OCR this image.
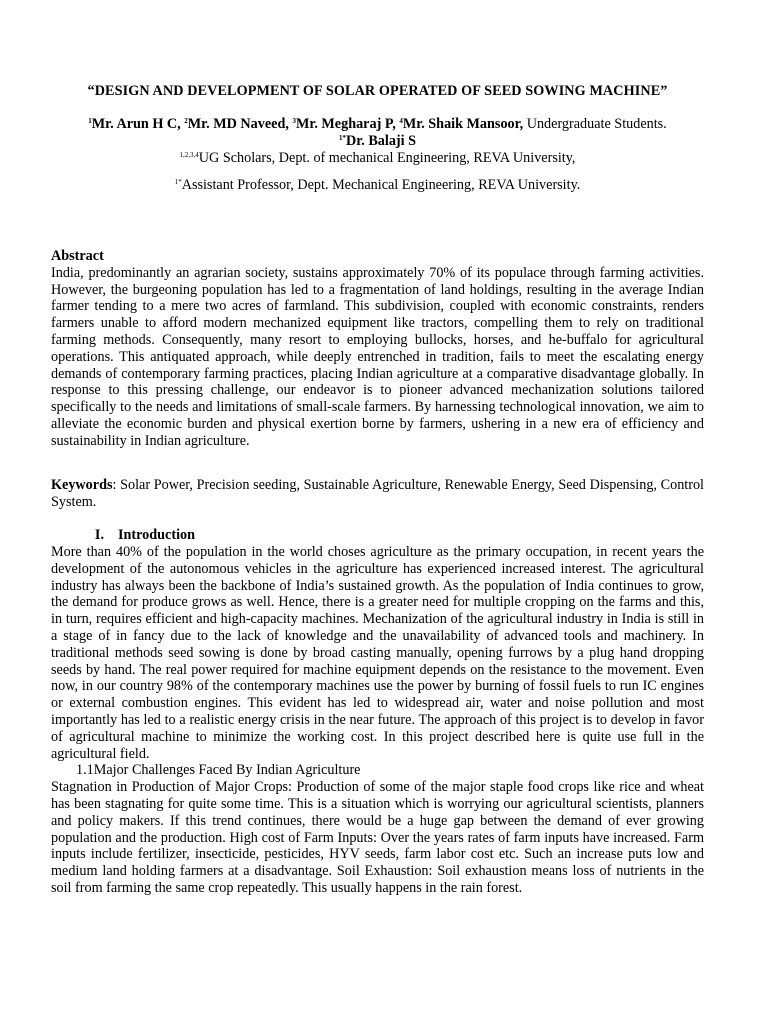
“DESIGN AND DEVELOPMENT OF SOLAR OPERATED OF SEED SOWING MACHINE”
$^1$Mr. Arun H C, $^2$Mr. MD Naveed, $^3$Mr. Megharaj P, $^4$Mr. Shaik Mansoor, Undergraduate Students.
$^{1*}$Dr. Balaji S
$^{1,2,3,4}$UG Scholars, Dept. of mechanical Engineering, REVA University,
$^{1*}$Assistant Professor, Dept. Mechanical Engineering, REVA University.

Abstract

India, predominantly an agrarian society, sustains approximately 70% of its populace through farming activities. However, the burgeoning population has led to a fragmentation of land holdings, resulting in the average Indian farmer tending to a mere two acres of farmland. This subdivision, coupled with economic constraints, renders farmers unable to afford modern mechanized equipment like tractors, compelling them to rely on traditional farming methods. Consequently, many resort to employing bullocks, horses, and he-buffalo for agricultural operations. This antiquated approach, while deeply entrenched in tradition, fails to meet the escalating energy demands of contemporary farming practices, placing Indian agriculture at a comparative disadvantage globally. In response to this pressing challenge, our endeavor is to pioneer advanced mechanization solutions tailored specifically to the needs and limitations of small-scale farmers. By harnessing technological innovation, we aim to alleviate the economic burden and physical exertion borne by farmers, ushering in a new era of efficiency and sustainability in Indian agriculture.

Keywords: Solar Power, Precision seeding, Sustainable Agriculture, Renewable Energy, Seed Dispensing, Control System.

I. Introduction

More than 40% of the population in the world choses agriculture as the primary occupation, in recent years the development of the autonomous vehicles in the agriculture has experienced increased interest. The agricultural industry has always been the backbone of India’s sustained growth. As the population of India continues to grow, the demand for produce grows as well. Hence, there is a greater need for multiple cropping on the farms and this, in turn, requires efficient and high-capacity machines. Mechanization of the agricultural industry in India is still in a stage of in fancy due to the lack of knowledge and the unavailability of advanced tools and machinery. In traditional methods seed sowing is done by broad casting manually, opening furrows by a plug hand dropping seeds by hand. The real power required for machine equipment depends on the resistance to the movement. Even now, in our country 98% of the contemporary machines use the power by burning of fossil fuels to run IC engines or external combustion engines. This evident has led to widespread air, water and noise pollution and most importantly has led to a realistic energy crisis in the near future. The approach of this project is to develop in favor of agricultural machine to minimize the working cost. In this project described here is quite use full in the agricultural field.

1.1Major Challenges Faced By Indian Agriculture

Stagnation in Production of Major Crops: Production of some of the major staple food crops like rice and wheat has been stagnating for quite some time. This is a situation which is worrying our agricultural scientists, planners and policy makers. If this trend continues, there would be a huge gap between the demand of ever growing population and the production. High cost of Farm Inputs: Over the years rates of farm inputs have increased. Farm inputs include fertilizer, insecticide, pesticides, HYV seeds, farm labor cost etc. Such an increase puts low and medium land holding farmers at a disadvantage. Soil Exhaustion: Soil exhaustion means loss of nutrients in the soil from farming the same crop repeatedly. This usually happens in the rain forest.
